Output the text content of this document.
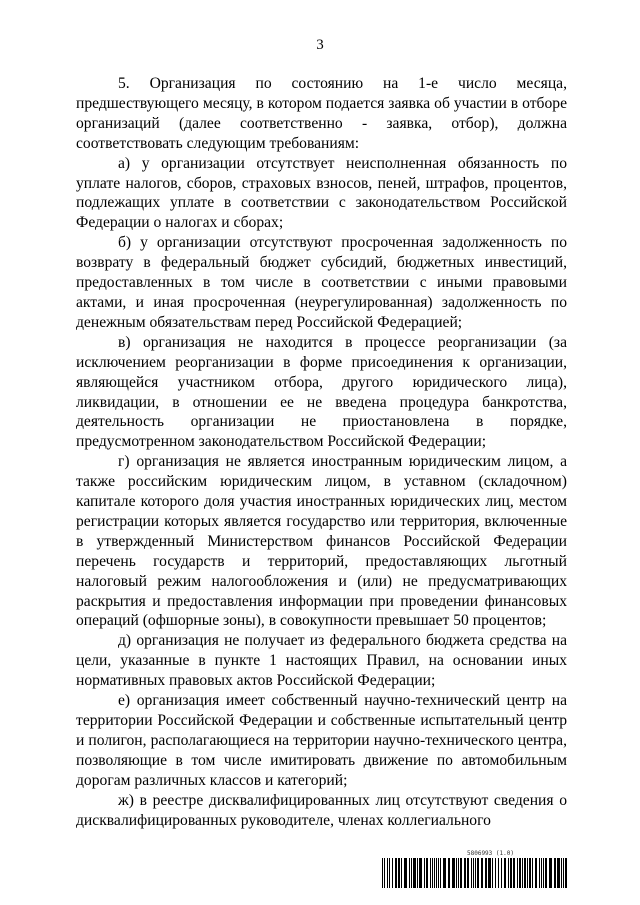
3

5. Организация по состоянию на 1-е число месяца, предшествующего месяцу, в котором подается заявка об участии в отборе организаций (далее соответственно - заявка, отбор), должна соответствовать следующим требованиям:

а) у организации отсутствует неисполненная обязанность по уплате налогов, сборов, страховых взносов, пеней, штрафов, процентов, подлежащих уплате в соответствии с законодательством Российской Федерации о налогах и сборах;

б) у организации отсутствуют просроченная задолженность по возврату в федеральный бюджет субсидий, бюджетных инвестиций, предоставленных в том числе в соответствии с иными правовыми актами, и иная просроченная (неурегулированная) задолженность по денежным обязательствам перед Российской Федерацией;

в) организация не находится в процессе реорганизации (за исключением реорганизации в форме присоединения к организации, являющейся участником отбора, другого юридического лица), ликвидации, в отношении ее не введена процедура банкротства, деятельность организации не приостановлена в порядке, предусмотренном законодательством Российской Федерации;

г) организация не является иностранным юридическим лицом, а также российским юридическим лицом, в уставном (складочном) капитале которого доля участия иностранных юридических лиц, местом регистрации которых является государство или территория, включенные в утвержденный Министерством финансов Российской Федерации перечень государств и территорий, предоставляющих льготный налоговый режим налогообложения и (или) не предусматривающих раскрытия и предоставления информации при проведении финансовых операций (офшорные зоны), в совокупности превышает 50 процентов;

д) организация не получает из федерального бюджета средства на цели, указанные в пункте 1 настоящих Правил, на основании иных нормативных правовых актов Российской Федерации;

е) организация имеет собственный научно-технический центр на территории Российской Федерации и собственные испытательный центр и полигон, располагающиеся на территории научно-технического центра, позволяющие в том числе имитировать движение по автомобильным дорогам различных классов и категорий;

ж) в реестре дисквалифицированных лиц отсутствуют сведения о дисквалифицированных руководителе, членах коллегиального

5806993 (1.0)
